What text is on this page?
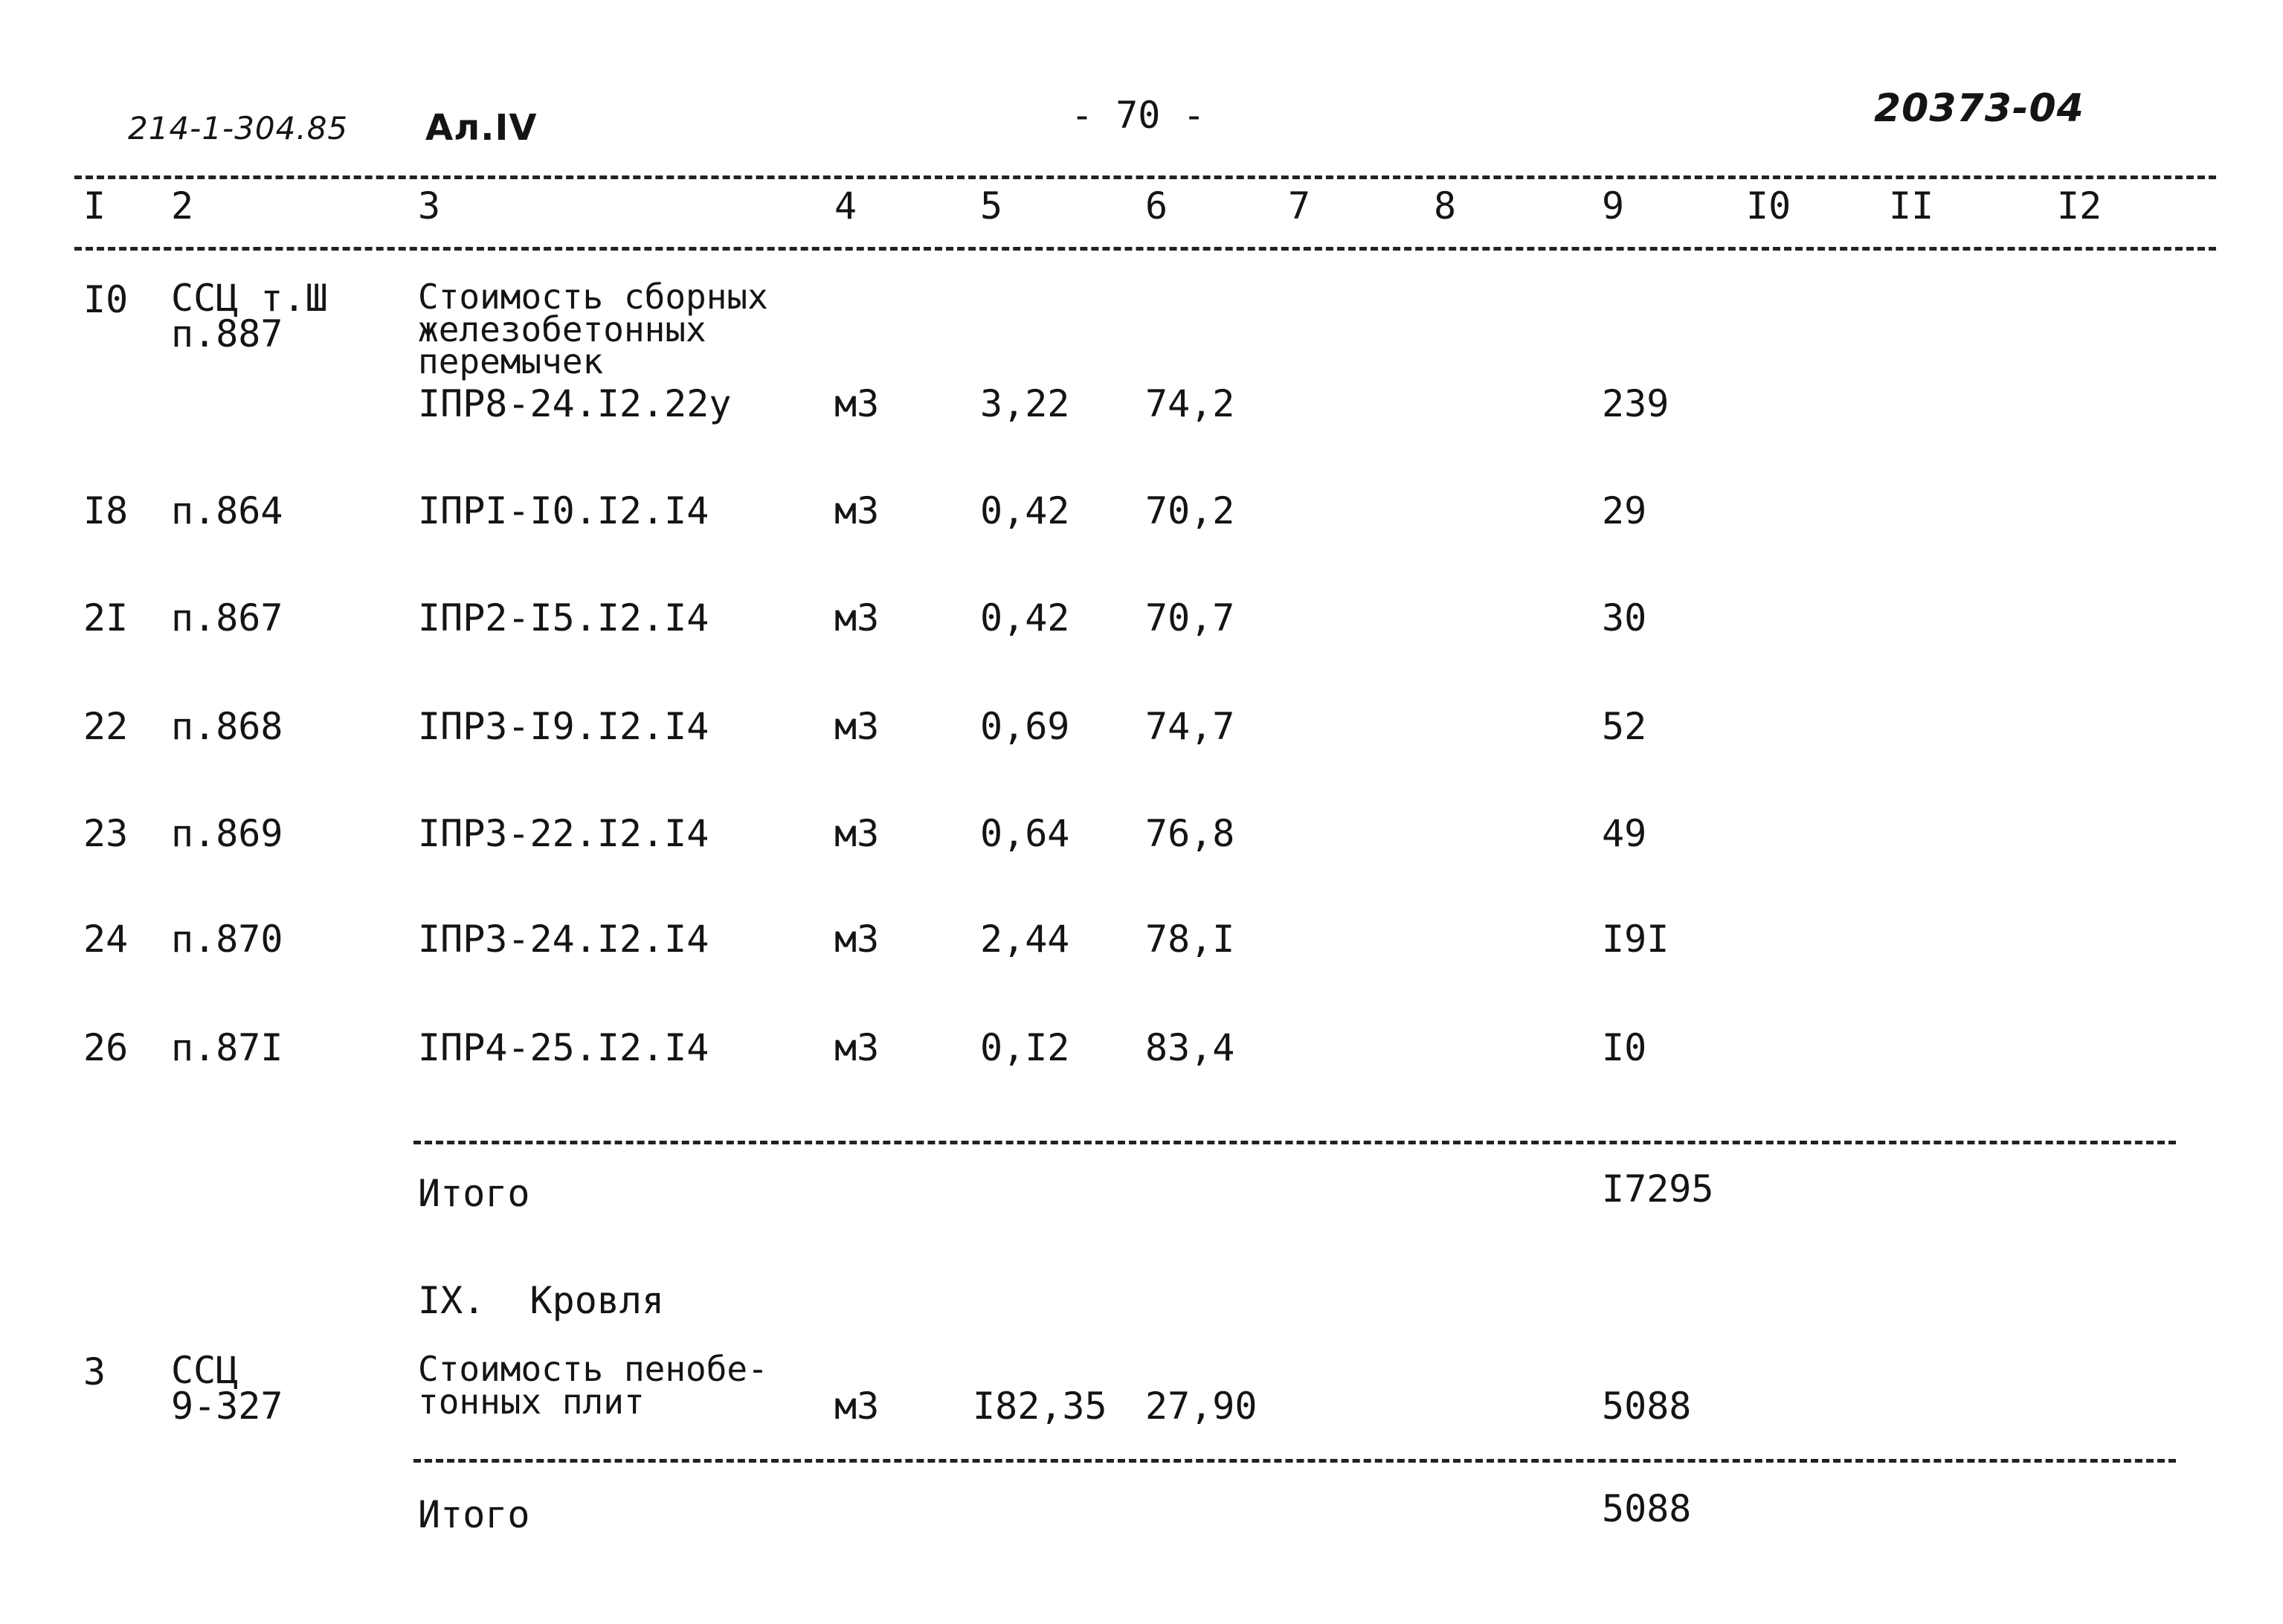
214-1-304.85 Ал.IV	- 70 -	20373-04
I 2	3	4	5	6	7	8	9	I0	II	I2
I0 ССЦ т.Ш
п.887
Стоимость сборных
железобетонных
перемычек
IПР8-24.I2.22у	м3	3,22 74,2	239
I8 п.864	IПРI-I0.I2.I4	м3	0,42 70,2	29
2I п.867	IПР2-I5.I2.I4	м3	0,42 70,7	30
22 п.868	IПР3-I9.I2.I4	м3	0,69 74,7	52
23 п.869	IПР3-22.I2.I4	м3	0,64 76,8	49
24 п.870	IПР3-24.I2.I4	м3	2,44 78,I	I9I
26 п.87I	IПР4-25.I2.I4	м3	0,I2 83,4	I0
Итого	I7295
IX.  Кровля
3 ССЦ
9-327
Стоимость пенобе-
тонных плит	м3	I82,35 27,90	5088
Итого	5088
